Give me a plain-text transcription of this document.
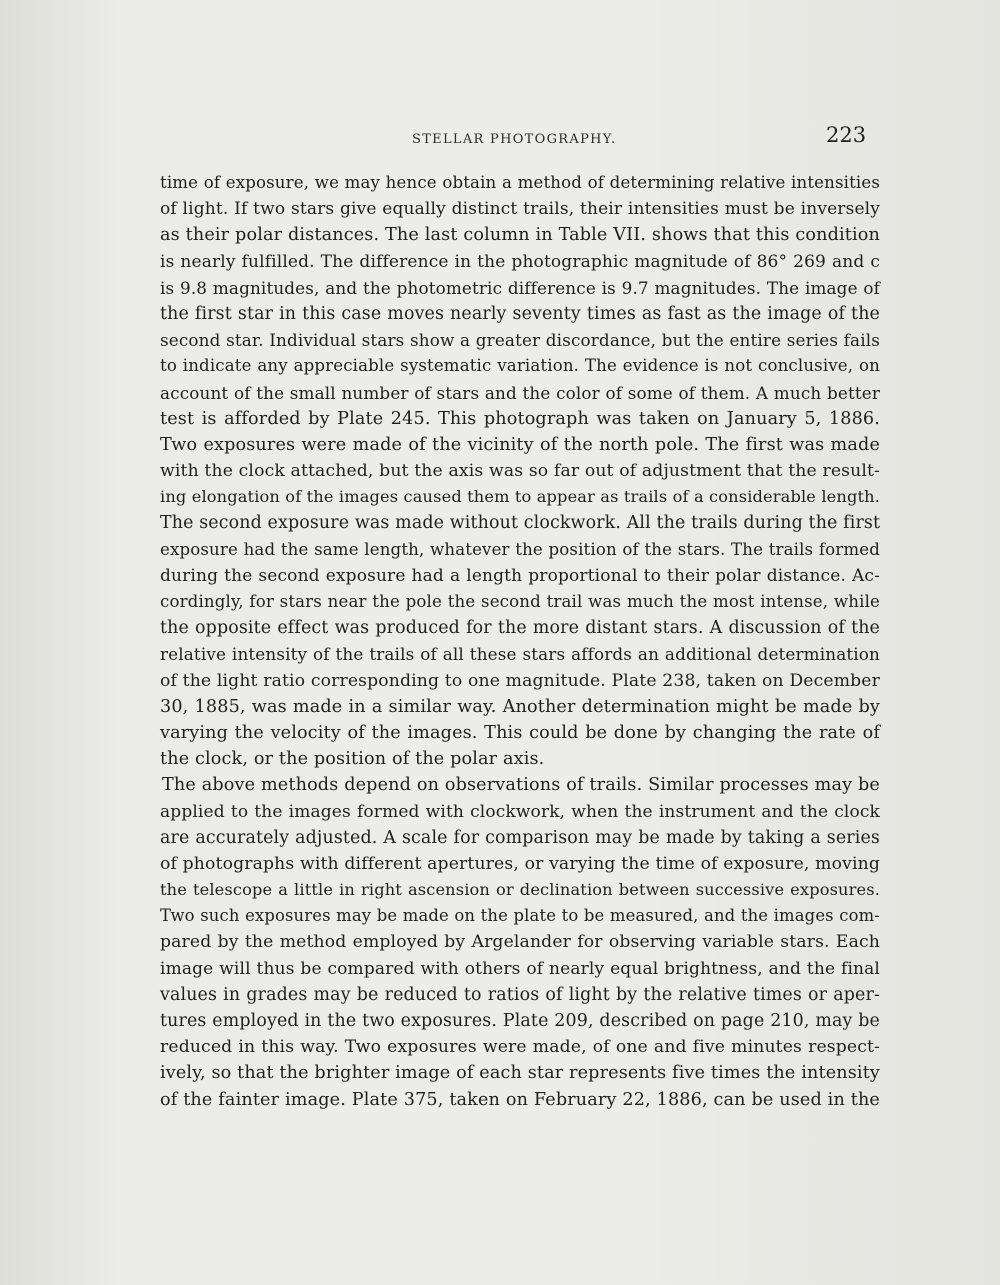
STELLAR PHOTOGRAPHY.	223
time of exposure, we may hence obtain a method of determining relative intensities
of light. If two stars give equally distinct trails, their intensities must be inversely
as their polar distances. The last column in Table VII. shows that this condition
is nearly fulfilled. The difference in the photographic magnitude of 86° 269 and c
is 9.8 magnitudes, and the photometric difference is 9.7 magnitudes. The image of
the first star in this case moves nearly seventy times as fast as the image of the
second star. Individual stars show a greater discordance, but the entire series fails
to indicate any appreciable systematic variation. The evidence is not conclusive, on
account of the small number of stars and the color of some of them. A much better
test is afforded by Plate 245. This photograph was taken on January 5, 1886.
Two exposures were made of the vicinity of the north pole. The first was made
with the clock attached, but the axis was so far out of adjustment that the result-
ing elongation of the images caused them to appear as trails of a considerable length.
The second exposure was made without clockwork. All the trails during the first
exposure had the same length, whatever the position of the stars. The trails formed
during the second exposure had a length proportional to their polar distance. Ac-
cordingly, for stars near the pole the second trail was much the most intense, while
the opposite effect was produced for the more distant stars. A discussion of the
relative intensity of the trails of all these stars affords an additional determination
of the light ratio corresponding to one magnitude. Plate 238, taken on December
30, 1885, was made in a similar way. Another determination might be made by
varying the velocity of the images. This could be done by changing the rate of
the clock, or the position of the polar axis.
The above methods depend on observations of trails. Similar processes may be
applied to the images formed with clockwork, when the instrument and the clock
are accurately adjusted. A scale for comparison may be made by taking a series
of photographs with different apertures, or varying the time of exposure, moving
the telescope a little in right ascension or declination between successive exposures.
Two such exposures may be made on the plate to be measured, and the images com-
pared by the method employed by Argelander for observing variable stars. Each
image will thus be compared with others of nearly equal brightness, and the final
values in grades may be reduced to ratios of light by the relative times or aper-
tures employed in the two exposures. Plate 209, described on page 210, may be
reduced in this way. Two exposures were made, of one and five minutes respect-
ively, so that the brighter image of each star represents five times the intensity
of the fainter image. Plate 375, taken on February 22, 1886, can be used in the
